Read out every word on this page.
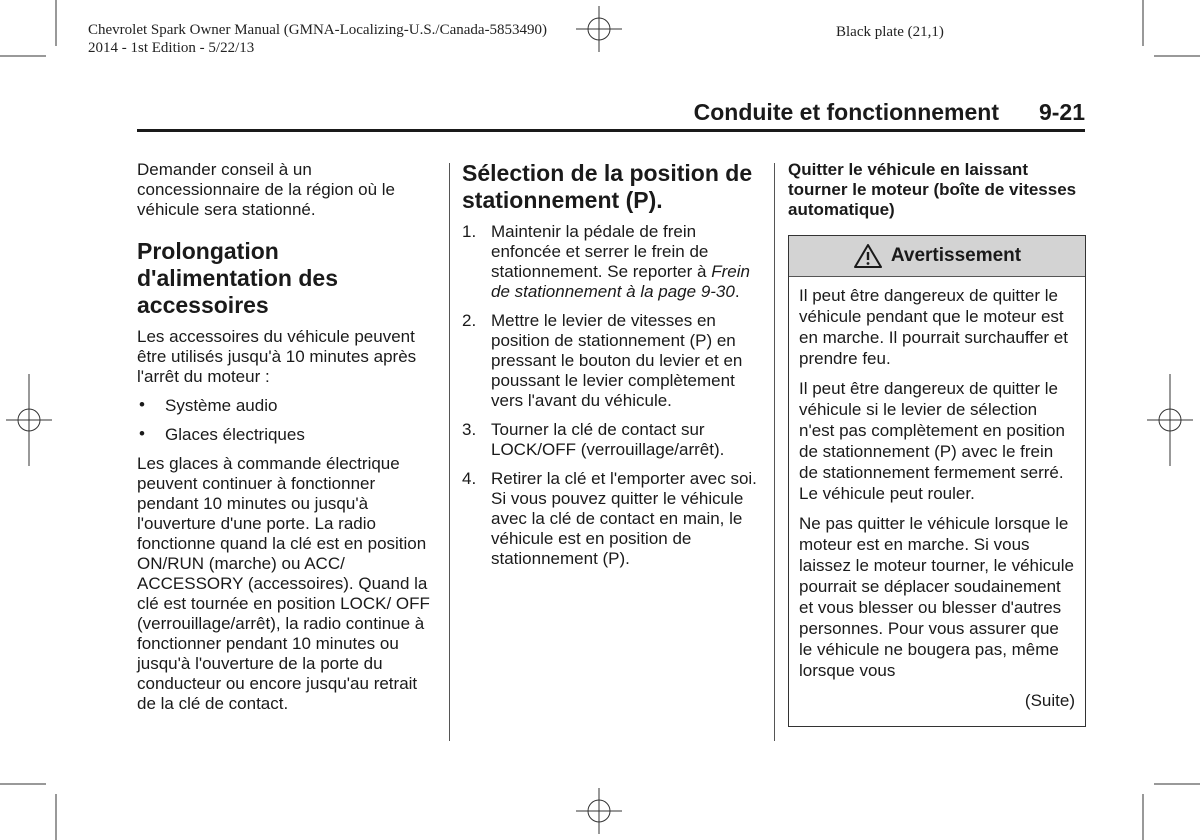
Chevrolet Spark Owner Manual (GMNA-Localizing-U.S./Canada-5853490)
2014 - 1st Edition - 5/22/13
Black plate (21,1)
Conduite et fonctionnement 9-21

Demander conseil à un concessionnaire de la région où le véhicule sera stationné.

Prolongation d'alimentation des accessoires

Les accessoires du véhicule peuvent être utilisés jusqu'à 10 minutes après l'arrêt du moteur :

• Système audio
• Glaces électriques

Les glaces à commande électrique peuvent continuer à fonctionner pendant 10 minutes ou jusqu'à l'ouverture d'une porte. La radio fonctionne quand la clé est en position ON/RUN (marche) ou ACC/ ACCESSORY (accessoires). Quand la clé est tournée en position LOCK/ OFF (verrouillage/arrêt), la radio continue à fonctionner pendant 10 minutes ou jusqu'à l'ouverture de la porte du conducteur ou encore jusqu'au retrait de la clé de contact.

Sélection de la position de stationnement (P).
1. Maintenir la pédale de frein enfoncée et serrer le frein de stationnement. Se reporter à Frein de stationnement à la page 9-30.
2. Mettre le levier de vitesses en position de stationnement (P) en pressant le bouton du levier et en poussant le levier complètement vers l'avant du véhicule.
3. Tourner la clé de contact sur LOCK/OFF (verrouillage/arrêt).
4. Retirer la clé et l'emporter avec soi. Si vous pouvez quitter le véhicule avec la clé de contact en main, le véhicule est en position de stationnement (P).

Quitter le véhicule en laissant tourner le moteur (boîte de vitesses automatique)

Avertissement

Il peut être dangereux de quitter le véhicule pendant que le moteur est en marche. Il pourrait surchauffer et prendre feu.

Il peut être dangereux de quitter le véhicule si le levier de sélection n'est pas complètement en position de stationnement (P) avec le frein de stationnement fermement serré. Le véhicule peut rouler.

Ne pas quitter le véhicule lorsque le moteur est en marche. Si vous laissez le moteur tourner, le véhicule pourrait se déplacer soudainement et vous blesser ou blesser d'autres personnes. Pour vous assurer que le véhicule ne bougera pas, même lorsque vous

(Suite)
